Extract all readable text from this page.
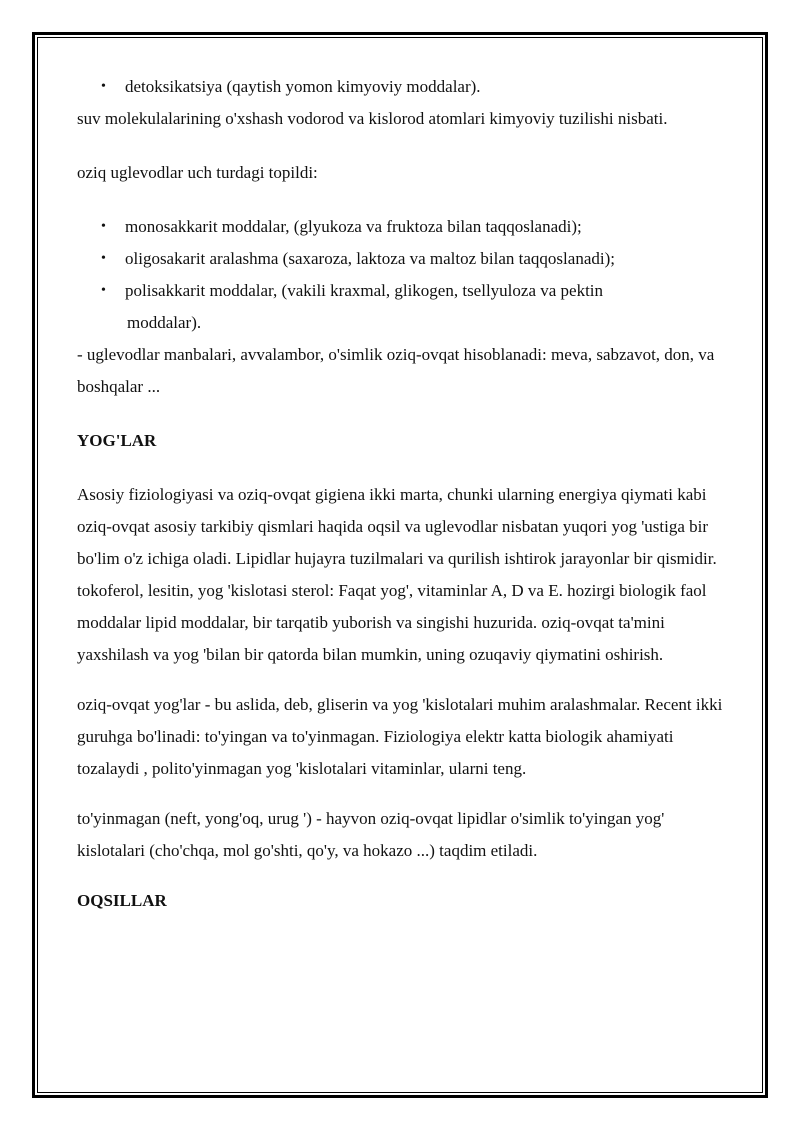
• detoksikatsiya (qaytish yomon kimyoviy moddalar).

suv molekulalarining o'xshash vodorod va kislorod atomlari kimyoviy tuzilishi nisbati.

oziq uglevodlar uch turdagi topildi:

• monosakkarit moddalar, (glyukoza va fruktoza bilan taqqoslanadi);
• oligosakarit aralashma (saxaroza, laktoza va maltoz bilan taqqoslanadi);
• polisakkarit moddalar, (vakili kraxmal, glikogen, tsellyuloza va pektin
moddalar).

- uglevodlar manbalari, avvalambor, o'simlik oziq-ovqat hisoblanadi: meva, sabzavot, don, va boshqalar ...

YOG'LAR

Asosiy fiziologiyasi va oziq-ovqat gigiena ikki marta, chunki ularning energiya qiymati kabi oziq-ovqat asosiy tarkibiy qismlari haqida oqsil va uglevodlar nisbatan yuqori yog 'ustiga bir bo'lim o'z ichiga oladi. Lipidlar hujayra tuzilmalari va qurilish ishtirok jarayonlar bir qismidir.

tokoferol, lesitin, yog 'kislotasi sterol: Faqat yog', vitaminlar A, D va E. hozirgi biologik faol moddalar lipid moddalar, bir tarqatib yuborish va singishi huzurida. oziq-ovqat ta'mini yaxshilash va yog 'bilan bir qatorda bilan mumkin, uning ozuqaviy qiymatini oshirish.

oziq-ovqat yog'lar - bu aslida, deb, gliserin va yog 'kislotalari muhim aralashmalar. Recent ikki guruhga bo'linadi: to'yingan va to'yinmagan. Fiziologiya elektr katta biologik ahamiyati tozalaydi , polito'yinmagan yog 'kislotalari vitaminlar, ularni teng.

to'yinmagan (neft, yong'oq, urug ') - hayvon oziq-ovqat lipidlar o'simlik to'yingan yog' kislotalari (cho'chqa, mol go'shti, qo'y, va hokazo ...) taqdim etiladi.

OQSILLAR
